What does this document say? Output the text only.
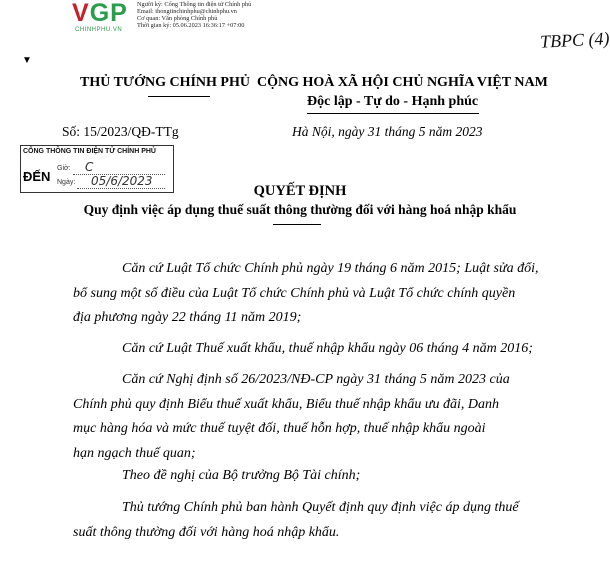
VGP
CHINHPHU.VN
Người ký: Cổng Thông tin điện tử Chính phủ
Email: thongtinchinhphu@chinhphu.vn
Cơ quan: Văn phòng Chính phủ
Thời gian ký: 05.06.2023 16:36:17 +07:00
TBPC (4)
▼
THỦ TƯỚNG CHÍNH PHỦ CỘNG HOÀ XÃ HỘI CHỦ NGHĨA VIỆT NAM
Độc lập - Tự do - Hạnh phúc
Số: 15/2023/QĐ-TTg	Hà Nội, ngày 31 tháng 5 năm 2023
CỔNG THÔNG TIN ĐIỆN TỬ CHÍNH PHỦ
ĐẾN
Giờ: C
Ngày: 05/6/2023
QUYẾT ĐỊNH
Quy định việc áp dụng thuế suất thông thường đối với hàng hoá nhập khẩu
Căn cứ Luật Tổ chức Chính phủ ngày 19 tháng 6 năm 2015; Luật sửa đổi,
bổ sung một số điều của Luật Tổ chức Chính phủ và Luật Tổ chức chính quyền
địa phương ngày 22 tháng 11 năm 2019;
Căn cứ Luật Thuế xuất khẩu, thuế nhập khẩu ngày 06 tháng 4 năm 2016;
Căn cứ Nghị định số 26/2023/NĐ-CP ngày 31 tháng 5 năm 2023 của
Chính phủ quy định Biểu thuế xuất khẩu, Biểu thuế nhập khẩu ưu đãi, Danh
mục hàng hóa và mức thuế tuyệt đối, thuế hỗn hợp, thuế nhập khẩu ngoài
hạn ngạch thuế quan;
Theo đề nghị của Bộ trưởng Bộ Tài chính;
Thủ tướng Chính phủ ban hành Quyết định quy định việc áp dụng thuế
suất thông thường đối với hàng hoá nhập khẩu.
